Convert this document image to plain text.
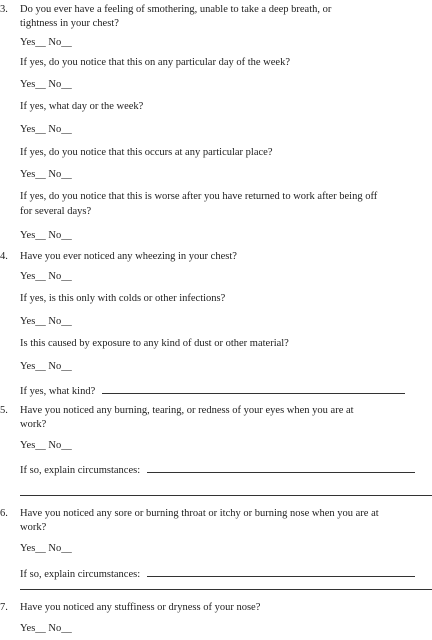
3. Do you ever have a feeling of smothering, unable to take a deep breath, or
tightness in your chest?
Yes__ No__
If yes, do you notice that this on any particular day of the week?
Yes__ No__
If yes, what day or the week?
Yes__ No__
If yes, do you notice that this occurs at any particular place?
Yes__ No__
If yes, do you notice that this is worse after you have returned to work after being off
for several days?
Yes__ No__
4. Have you ever noticed any wheezing in your chest?
Yes__ No__
If yes, is this only with colds or other infections?
Yes__ No__
Is this caused by exposure to any kind of dust or other material?
Yes__ No__
If yes, what kind?
5. Have you noticed any burning, tearing, or redness of your eyes when you are at
work?
Yes__ No__
If so, explain circumstances:
6. Have you noticed any sore or burning throat or itchy or burning nose when you are at
work?
Yes__ No__
If so, explain circumstances:
7. Have you noticed any stuffiness or dryness of your nose?
Yes__ No__
